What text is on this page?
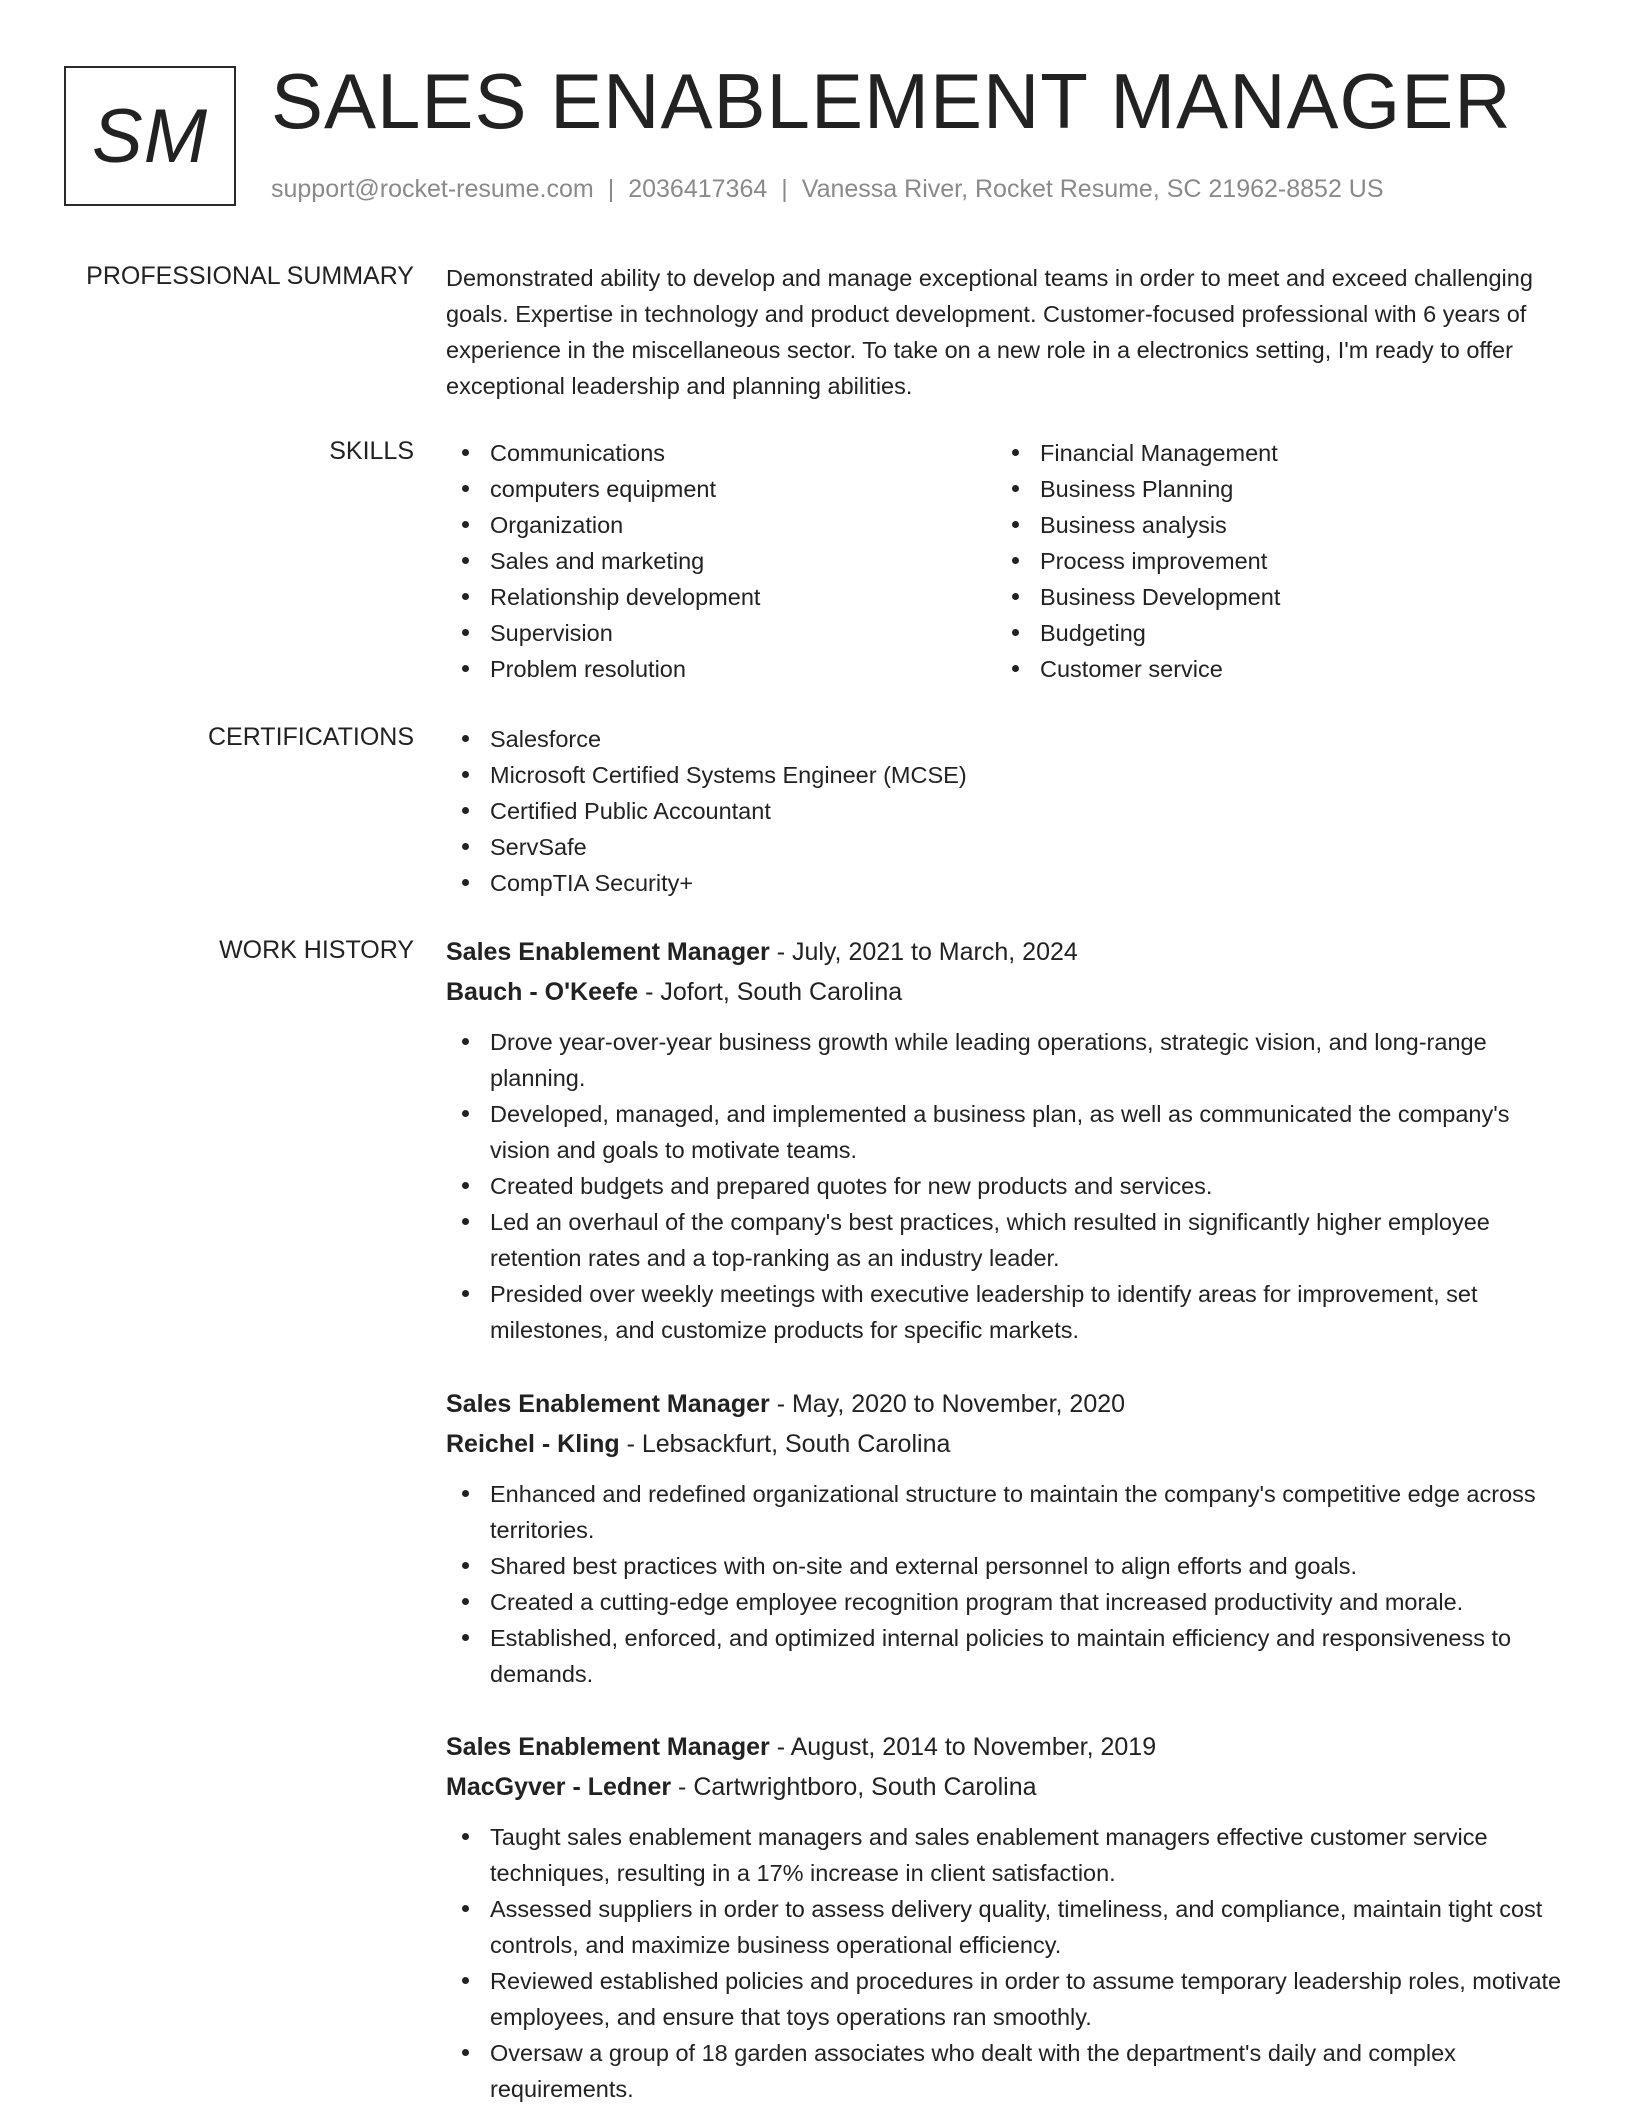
SM SALES ENABLEMENT MANAGER
support@rocket-resume.com | 2036417364 | Vanessa River, Rocket Resume, SC 21962-8852 US
PROFESSIONAL SUMMARY Demonstrated ability to develop and manage exceptional teams in order to meet and exceed challenging goals. Expertise in technology and product development. Customer-focused professional with 6 years of experience in the miscellaneous sector. To take on a new role in a electronics setting, I'm ready to offer exceptional leadership and planning abilities.

SKILLS	Communications
computers equipment
Organization
Sales and marketing
Relationship development
Supervision
Problem resolution
Financial Management
Business Planning
Business analysis
Process improvement
Business Development
Budgeting
Customer service
CERTIFICATIONS	Salesforce
Microsoft Certified Systems Engineer (MCSE)
Certified Public Accountant
ServSafe
CompTIA Security+
WORK HISTORY Sales Enablement Manager - July, 2021 to March, 2024
Bauch - O'Keefe - Jofort, South Carolina
Drove year-over-year business growth while leading operations, strategic vision, and long-range planning.
Developed, managed, and implemented a business plan, as well as communicated the company's vision and goals to motivate teams.
Created budgets and prepared quotes for new products and services.
Led an overhaul of the company's best practices, which resulted in significantly higher employee retention rates and a top-ranking as an industry leader.
Presided over weekly meetings with executive leadership to identify areas for improvement, set milestones, and customize products for specific markets.
Sales Enablement Manager - May, 2020 to November, 2020
Reichel - Kling - Lebsackfurt, South Carolina
Enhanced and redefined organizational structure to maintain the company's competitive edge across territories.
Shared best practices with on-site and external personnel to align efforts and goals.
Created a cutting-edge employee recognition program that increased productivity and morale.
Established, enforced, and optimized internal policies to maintain efficiency and responsiveness to demands.
Sales Enablement Manager - August, 2014 to November, 2019
MacGyver - Ledner - Cartwrightboro, South Carolina
Taught sales enablement managers and sales enablement managers effective customer service techniques, resulting in a 17% increase in client satisfaction.
Assessed suppliers in order to assess delivery quality, timeliness, and compliance, maintain tight cost controls, and maximize business operational efficiency.
Reviewed established policies and procedures in order to assume temporary leadership roles, motivate employees, and ensure that toys operations ran smoothly.
Oversaw a group of 18 garden associates who dealt with the department's daily and complex requirements.
